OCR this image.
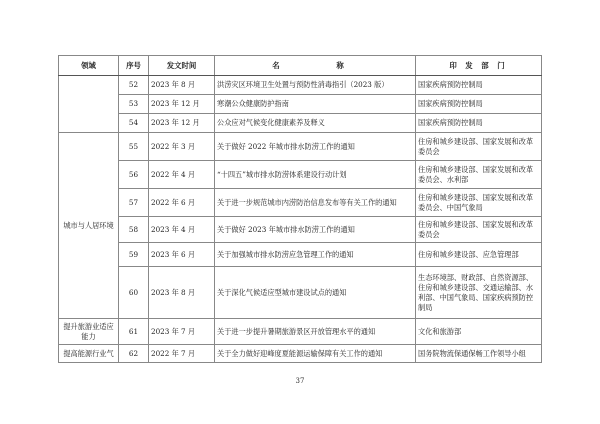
领域	序号	发文时间	名　　称	印 发 部 门
	52	2023 年 8 月	洪涝灾区环境卫生处置与预防性消毒指引（2023 版）	国家疾病预防控制局
	53	2023 年 12 月	寒潮公众健康防护指南	国家疾病预防控制局
	54	2023 年 12 月	公众应对气候变化健康素养及释义	国家疾病预防控制局
城市与人居环境	55	2022 年 3 月	关于做好 2022 年城市排水防涝工作的通知	住房和城乡建设部、国家发展和改革委员会
	56	2022 年 4 月	“十四五”城市排水防涝体系建设行动计划	住房和城乡建设部、国家发展和改革委员会、水利部
	57	2022 年 6 月	关于进一步规范城市内涝防治信息发布等有关工作的通知	住房和城乡建设部、国家发展和改革委员会、中国气象局
	58	2023 年 4 月	关于做好 2023 年城市排水防涝工作的通知	住房和城乡建设部、国家发展和改革委员会
	59	2023 年 6 月	关于加强城市排水防涝应急管理工作的通知	住房和城乡建设部、应急管理部
	60	2023 年 8 月	关于深化气候适应型城市建设试点的通知	生态环境部、财政部、自然资源部、住房和城乡建设部、交通运输部、水利部、中国气象局、国家疾病预防控制局
提升旅游业适应能力	61	2023 年 7 月	关于进一步提升暑期旅游景区开放管理水平的通知	文化和旅游部
提高能源行业气	62	2022 年 7 月	关于全力做好迎峰度夏能源运输保障有关工作的通知	国务院物流保通保畅工作领导小组
37
